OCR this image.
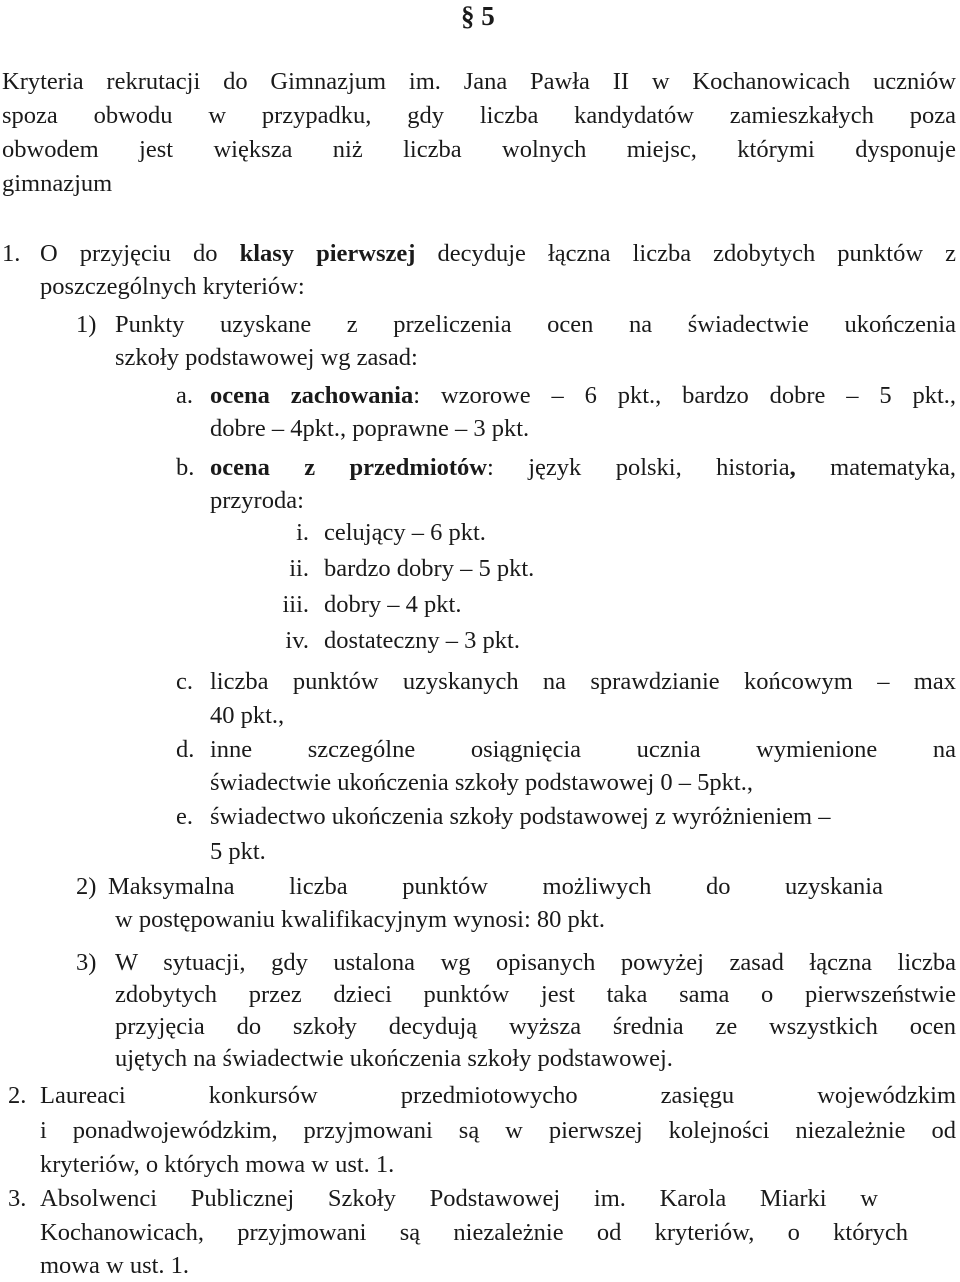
§ 5
Kryteria rekrutacji do Gimnazjum im. Jana Pawła II w Kochanowicach uczniów
spoza obwodu w przypadku, gdy liczba kandydatów zamieszkałych poza
obwodem jest większa niż liczba wolnych miejsc, którymi dysponuje
gimnazjum
1. O przyjęciu do klasy pierwszej decyduje łączna liczba zdobytych punktów z
poszczególnych kryteriów:
1) Punkty uzyskane z przeliczenia ocen na świadectwie ukończenia
szkoły podstawowej wg zasad:
a. ocena zachowania: wzorowe – 6 pkt., bardzo dobre – 5 pkt.,
dobre – 4pkt., poprawne – 3 pkt.
b. ocena z przedmiotów: język polski, historia, matematyka,
przyroda:
i. celujący – 6 pkt.
ii. bardzo dobry – 5 pkt.
iii. dobry – 4 pkt.
iv. dostateczny – 3 pkt.
c. liczba punktów uzyskanych na sprawdzianie końcowym – max
40 pkt.,
d. inne szczególne osiągnięcia ucznia wymienione na
świadectwie ukończenia szkoły podstawowej 0 – 5pkt.,
e. świadectwo ukończenia szkoły podstawowej z wyróżnieniem –
5 pkt.
2) Maksymalna liczba punktów możliwych do uzyskania
w postępowaniu kwalifikacyjnym wynosi: 80 pkt.
3) W sytuacji, gdy ustalona wg opisanych powyżej zasad łączna liczba
zdobytych przez dzieci punktów jest taka sama o pierwszeństwie
przyjęcia do szkoły decydują wyższa średnia ze wszystkich ocen
ujętych na świadectwie ukończenia szkoły podstawowej.
2. Laureaci konkursów przedmiotowycho zasięgu wojewódzkim
i ponadwojewódzkim, przyjmowani są w pierwszej kolejności niezależnie od
kryteriów, o których mowa w ust. 1.
3. Absolwenci Publicznej Szkoły Podstawowej im. Karola Miarki w
Kochanowicach, przyjmowani są niezależnie od kryteriów, o których
mowa w ust. 1.
